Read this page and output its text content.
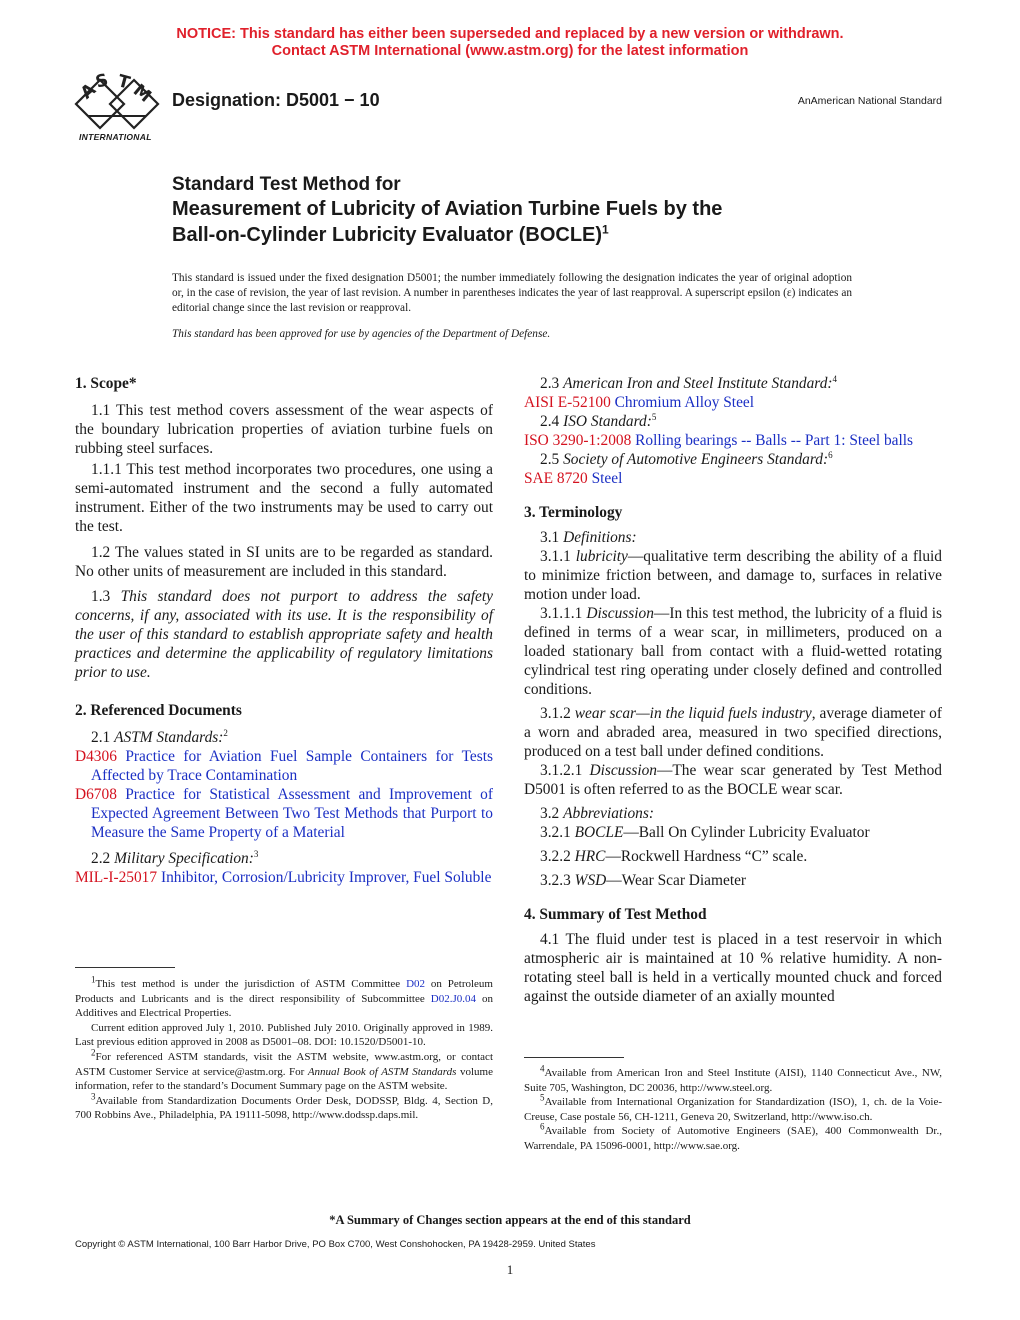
NOTICE: This standard has either been superseded and replaced by a new version or withdrawn.
Contact ASTM International (www.astm.org) for the latest information
A
S T
M
INTERNATIONAL
Designation: D5001 − 10	AnAmerican National Standard
Standard Test Method for
Measurement of Lubricity of Aviation Turbine Fuels by the
Ball-on-Cylinder Lubricity Evaluator (BOCLE)$^1$
This standard is issued under the fixed designation D5001; the number immediately following the designation indicates the year of original adoption or, in the case of revision, the year of last revision. A number in parentheses indicates the year of last reapproval. A superscript epsilon (ε) indicates an editorial change since the last revision or reapproval.
This standard has been approved for use by agencies of the Department of Defense.

1. Scope*

1.1 This test method covers assessment of the wear aspects of the boundary lubrication properties of aviation turbine fuels on rubbing steel surfaces.

1.1.1 This test method incorporates two procedures, one using a semi-automated instrument and the second a fully automated instrument. Either of the two instruments may be used to carry out the test.

1.2 The values stated in SI units are to be regarded as standard. No other units of measurement are included in this standard.

1.3 This standard does not purport to address the safety concerns, if any, associated with its use. It is the responsibility of the user of this standard to establish appropriate safety and health practices and determine the applicability of regulatory limitations prior to use.

2. Referenced Documents

2.1 ASTM Standards:$^2$

D4306 Practice for Aviation Fuel Sample Containers for Tests Affected by Trace Contamination

D6708 Practice for Statistical Assessment and Improvement of Expected Agreement Between Two Test Methods that Purport to Measure the Same Property of a Material

2.2 Military Specification:$^3$

MIL-I-25017 Inhibitor, Corrosion/Lubricity Improver, Fuel Soluble

2.3 American Iron and Steel Institute Standard:$^4$

AISI E-52100 Chromium Alloy Steel

2.4 ISO Standard:$^5$

ISO 3290-1:2008 Rolling bearings -- Balls -- Part 1: Steel balls

2.5 Society of Automotive Engineers Standard:$^6$

SAE 8720 Steel

3. Terminology

3.1 Definitions:

3.1.1 lubricity—qualitative term describing the ability of a fluid to minimize friction between, and damage to, surfaces in relative motion under load.

3.1.1.1 Discussion—In this test method, the lubricity of a fluid is defined in terms of a wear scar, in millimeters, produced on a loaded stationary ball from contact with a fluid-wetted rotating cylindrical test ring operating under closely defined and controlled conditions.

3.1.2 wear scar—in the liquid fuels industry, average diameter of a worn and abraded area, measured in two specified directions, produced on a test ball under defined conditions.

3.1.2.1 Discussion—The wear scar generated by Test Method D5001 is often referred to as the BOCLE wear scar.

3.2 Abbreviations:

3.2.1 BOCLE—Ball On Cylinder Lubricity Evaluator

3.2.2 HRC—Rockwell Hardness “C” scale.

3.2.3 WSD—Wear Scar Diameter

4. Summary of Test Method

4.1 The fluid under test is placed in a test reservoir in which atmospheric air is maintained at 10 % relative humidity. A non-rotating steel ball is held in a vertically mounted chuck and forced against the outside diameter of an axially mounted

$^1$This test method is under the jurisdiction of ASTM Committee D02 on Petroleum Products and Lubricants and is the direct responsibility of Subcommittee D02.J0.04 on Additives and Electrical Properties.

Current edition approved July 1, 2010. Published July 2010. Originally approved in 1989. Last previous edition approved in 2008 as D5001–08. DOI: 10.1520/D5001-10.

$^2$For referenced ASTM standards, visit the ASTM website, www.astm.org, or contact ASTM Customer Service at service@astm.org. For Annual Book of ASTM Standards volume information, refer to the standard’s Document Summary page on the ASTM website.

$^3$Available from Standardization Documents Order Desk, DODSSP, Bldg. 4, Section D, 700 Robbins Ave., Philadelphia, PA 19111-5098, http://www.dodssp.daps.mil.

$^4$Available from American Iron and Steel Institute (AISI), 1140 Connecticut Ave., NW, Suite 705, Washington, DC 20036, http://www.steel.org.

$^5$Available from International Organization for Standardization (ISO), 1, ch. de la Voie-Creuse, Case postale 56, CH-1211, Geneva 20, Switzerland, http://www.iso.ch.

$^6$Available from Society of Automotive Engineers (SAE), 400 Commonwealth Dr., Warrendale, PA 15096-0001, http://www.sae.org.

*A Summary of Changes section appears at the end of this standard
Copyright © ASTM International, 100 Barr Harbor Drive, PO Box C700, West Conshohocken, PA 19428-2959. United States
1
